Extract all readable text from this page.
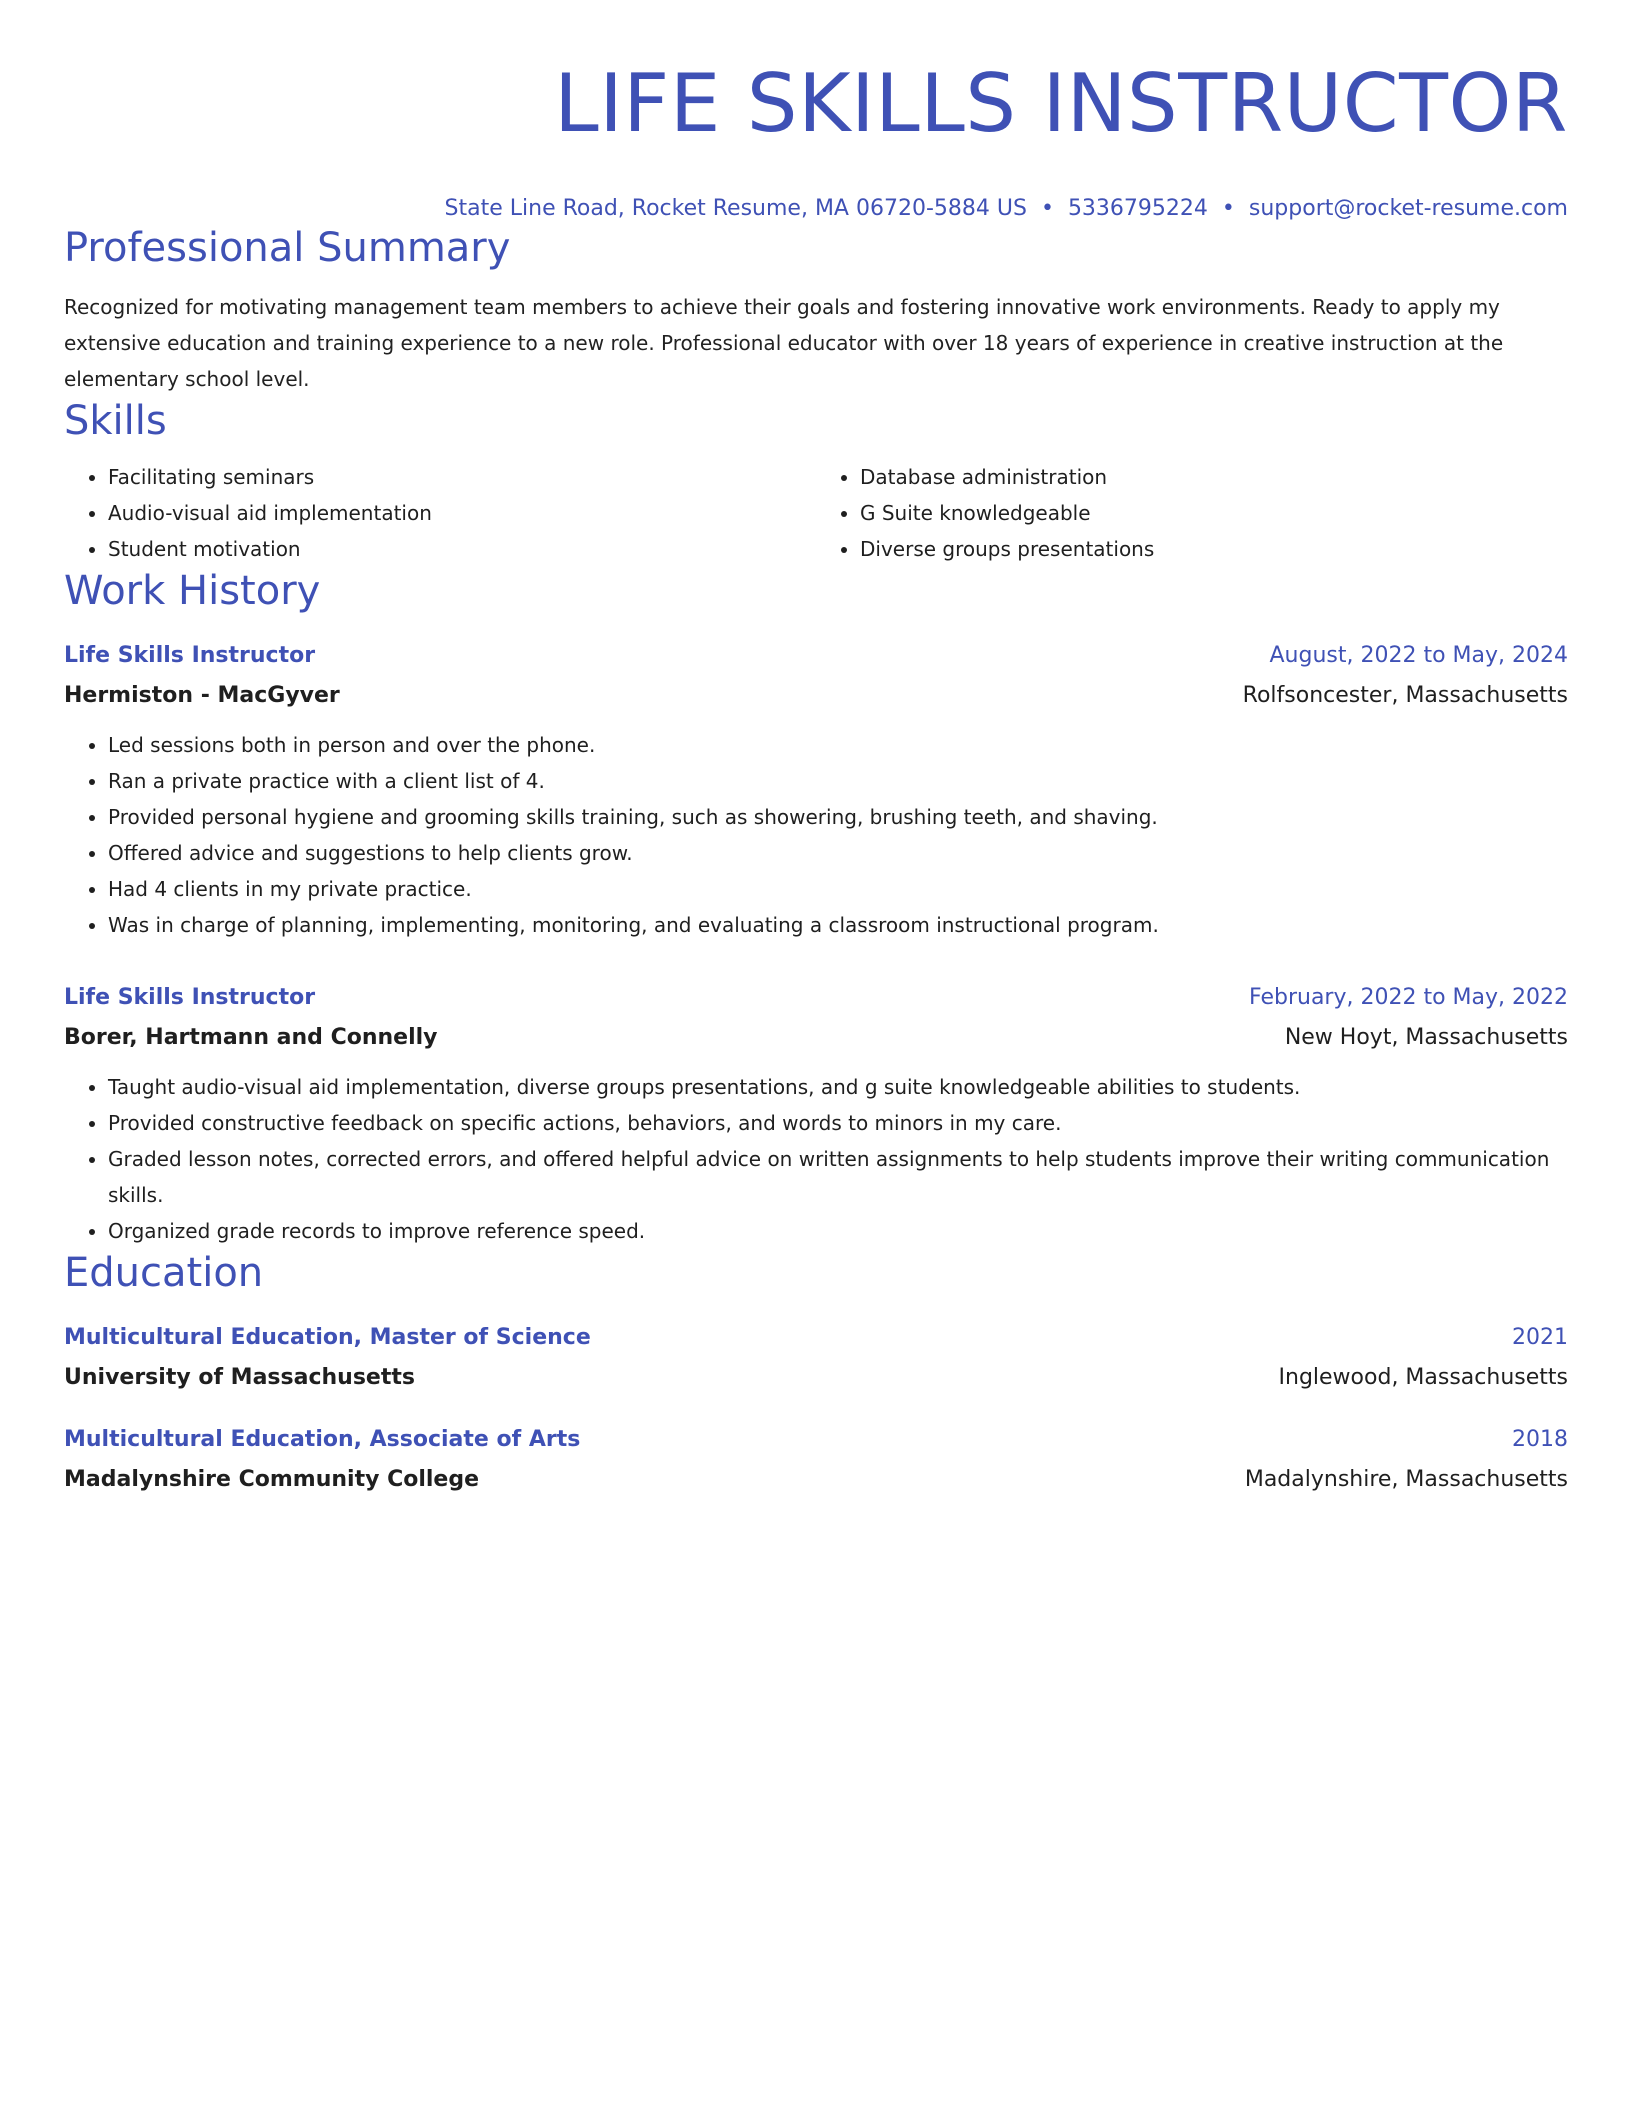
LIFE SKILLS INSTRUCTOR
State Line Road, Rocket Resume, MA 06720-5884 US • 5336795224 • support@rocket-resume.com
Professional Summary
Recognized for motivating management team members to achieve their goals and fostering innovative work environments. Ready to apply my extensive education and training experience to a new role. Professional educator with over 18 years of experience in creative instruction at the elementary school level.
Skills
• Facilitating seminars
• Audio-visual aid implementation
• Student motivation
• Database administration
• G Suite knowledgeable
• Diverse groups presentations
Work History
Life Skills Instructor	August, 2022 to May, 2024
Hermiston - MacGyver	Rolfsoncester, Massachusetts
• Led sessions both in person and over the phone.
• Ran a private practice with a client list of 4.
• Provided personal hygiene and grooming skills training, such as showering, brushing teeth, and shaving.
• Offered advice and suggestions to help clients grow.
• Had 4 clients in my private practice.
• Was in charge of planning, implementing, monitoring, and evaluating a classroom instructional program.
Life Skills Instructor	February, 2022 to May, 2022
Borer, Hartmann and Connelly	New Hoyt, Massachusetts
• Taught audio-visual aid implementation, diverse groups presentations, and g suite knowledgeable abilities to students.
• Provided constructive feedback on specific actions, behaviors, and words to minors in my care.
• Graded lesson notes, corrected errors, and offered helpful advice on written assignments to help students improve their writing communication skills.
• Organized grade records to improve reference speed.
Education
Multicultural Education, Master of Science	2021
University of Massachusetts	Inglewood, Massachusetts
Multicultural Education, Associate of Arts	2018
Madalynshire Community College	Madalynshire, Massachusetts
